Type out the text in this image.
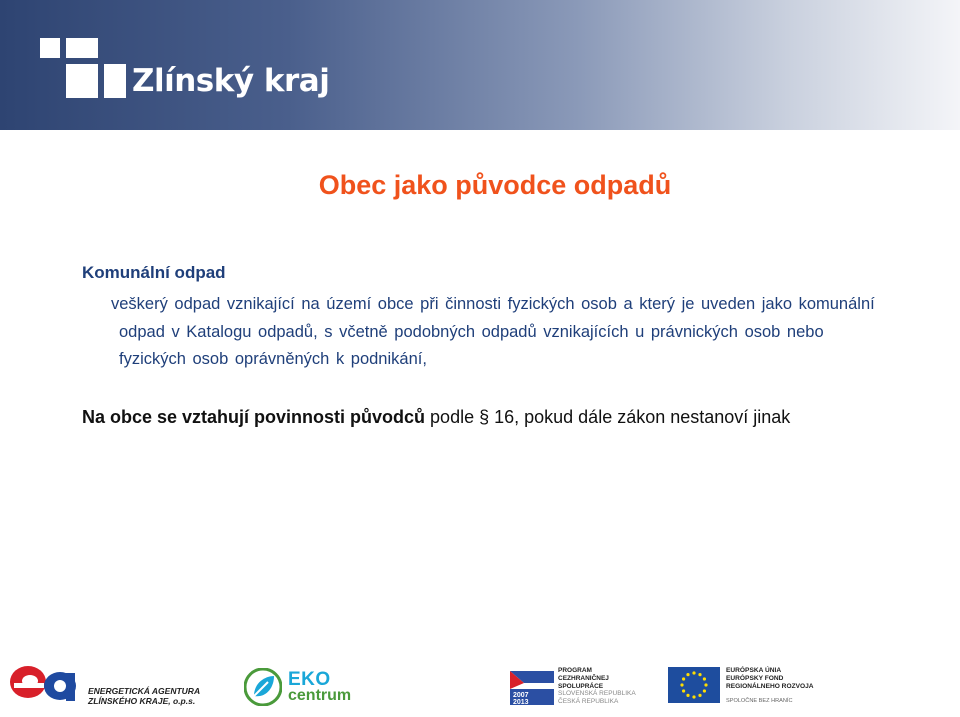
Zlínský kraj
Obec jako původce odpadů
Komunální odpad

veškerý odpad vznikající na území obce při činnosti fyzických osob a který je uveden jako komunální odpad v Katalogu odpadů, s včetně podobných odpadů vznikajících u právnických osob nebo fyzických osob oprávněných k podnikání,

Na obce se vztahují povinnosti původců podle § 16, pokud dále zákon nestanoví jinak

ENERGETICKÁ AGENTURA
ZLÍNSKÉHO KRAJE, o.p.s.
EKO
centrum	2007
2013
PROGRAM
CEZHRANIČNEJ
SPOLUPRÁCE
SLOVENSKÁ REPUBLIKA
ČESKÁ REPUBLIKA
EURÓPSKA ÚNIA
EURÓPSKY FOND
REGIONÁLNEHO ROZVOJA
SPOLOČNE BEZ HRANÍC
